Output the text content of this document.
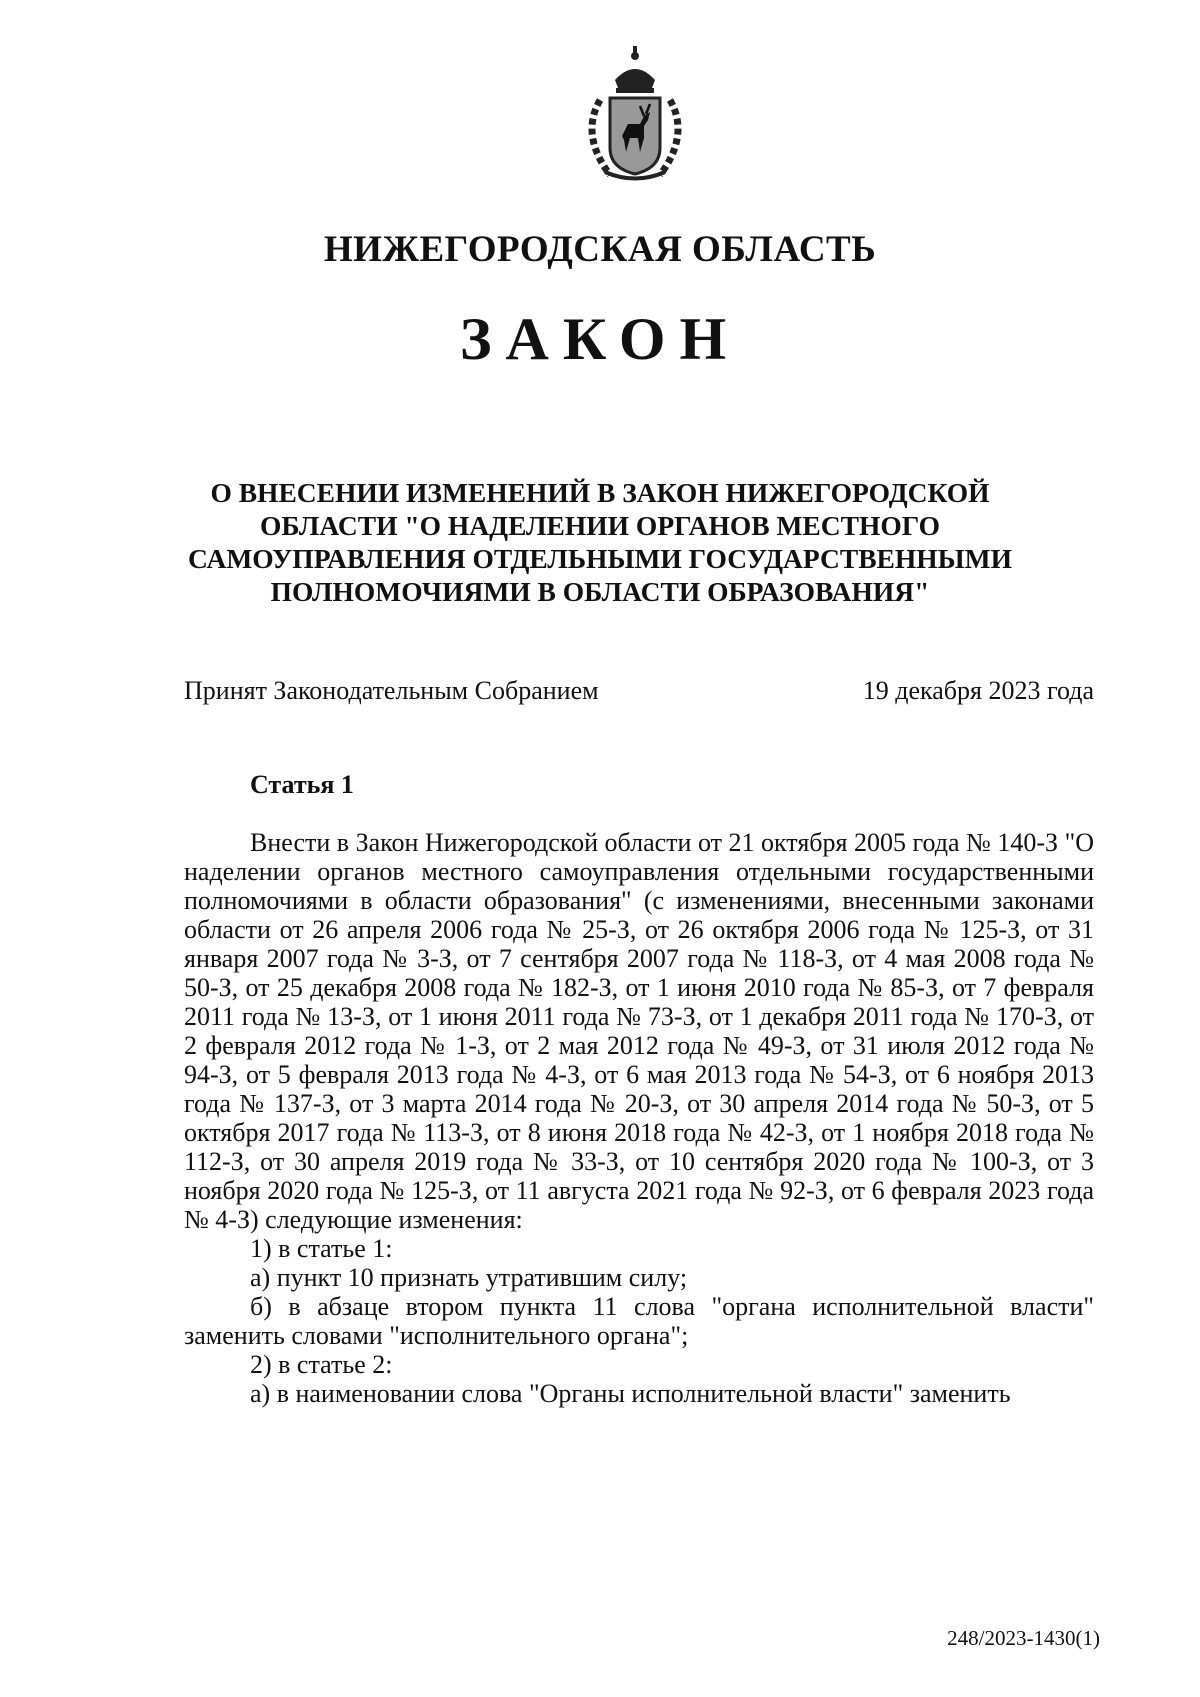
НИЖЕГОРОДСКАЯ ОБЛАСТЬ
ЗАКОН
О ВНЕСЕНИИ ИЗМЕНЕНИЙ В ЗАКОН НИЖЕГОРОДСКОЙ
ОБЛАСТИ "О НАДЕЛЕНИИ ОРГАНОВ МЕСТНОГО
САМОУПРАВЛЕНИЯ ОТДЕЛЬНЫМИ ГОСУДАРСТВЕННЫМИ
ПОЛНОМОЧИЯМИ В ОБЛАСТИ ОБРАЗОВАНИЯ"
Принят Законодательным Собранием	19 декабря 2023 года
Статья 1

Внести в Закон Нижегородской области от 21 октября 2005 года № 140-З "О наделении органов местного самоуправления отдельными государственными полномочиями в области образования" (с изменениями, внесенными законами области от 26 апреля 2006 года № 25-З, от 26 октября 2006 года № 125-З, от 31 января 2007 года № 3-З, от 7 сентября 2007 года № 118-З, от 4 мая 2008 года № 50-З, от 25 декабря 2008 года № 182-З, от 1 июня 2010 года № 85-З, от 7 февраля 2011 года № 13-З, от 1 июня 2011 года № 73-З, от 1 декабря 2011 года № 170-З, от 2 февраля 2012 года № 1-З, от 2 мая 2012 года № 49-З, от 31 июля 2012 года № 94-З, от 5 февраля 2013 года № 4-З, от 6 мая 2013 года № 54-З, от 6 ноября 2013 года № 137-З, от 3 марта 2014 года № 20-З, от 30 апреля 2014 года № 50-З, от 5 октября 2017 года № 113-З, от 8 июня 2018 года № 42-З, от 1 ноября 2018 года № 112-З, от 30 апреля 2019 года № 33-З, от 10 сентября 2020 года № 100-З, от 3 ноября 2020 года № 125-З, от 11 августа 2021 года № 92-З, от 6 февраля 2023 года № 4-З) следующие изменения:

1) в статье 1:

а) пункт 10 признать утратившим силу;

б) в абзаце втором пункта 11 слова "органа исполнительной власти" заменить словами "исполнительного органа";

2) в статье 2:

а) в наименовании слова "Органы исполнительной власти" заменить

248/2023-1430(1)
